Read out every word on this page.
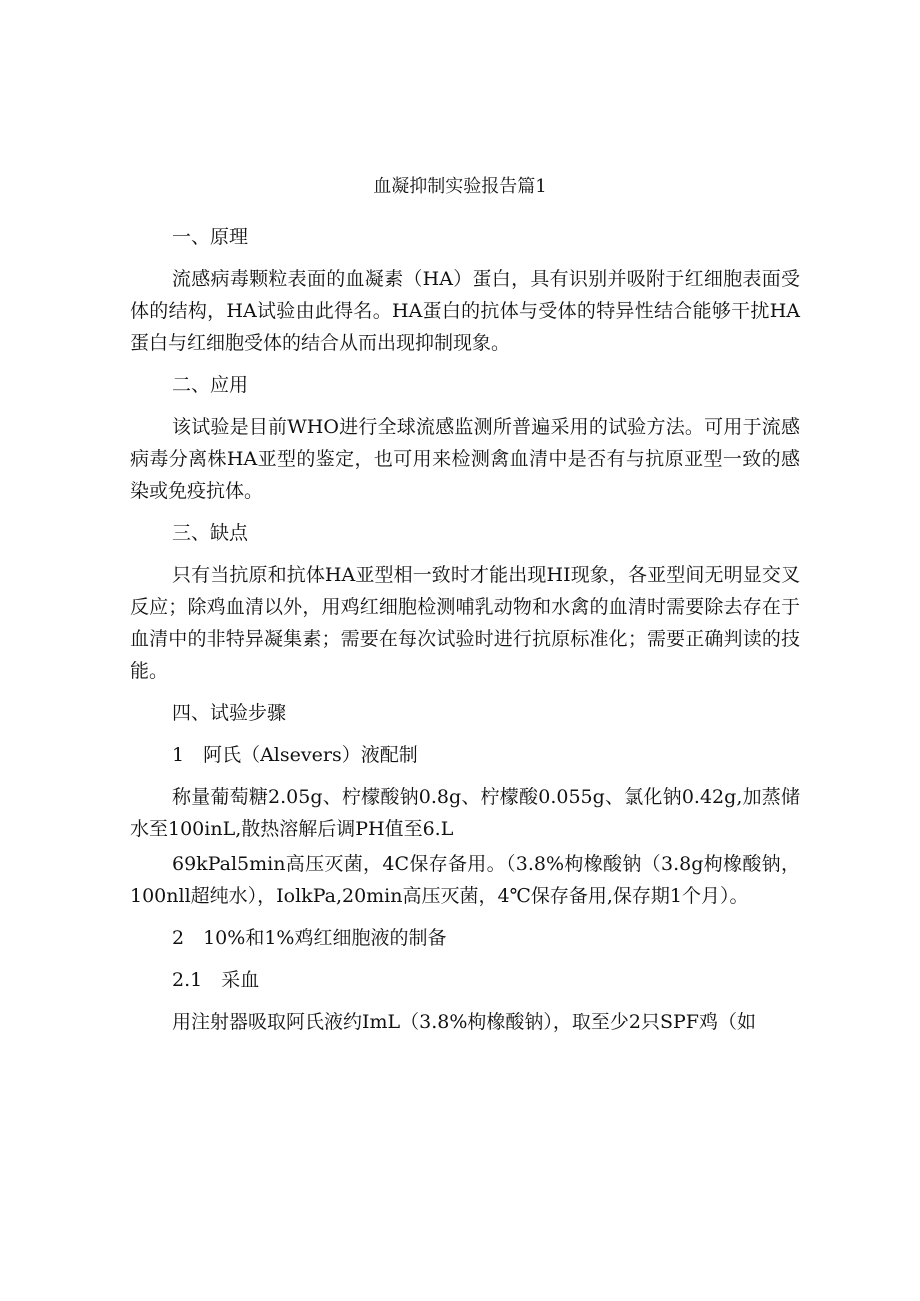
血凝抑制实验报告篇1

一、原理

流感病毒颗粒表面的血凝素（HA）蛋白，具有识别并吸附于红细胞表面受体的结构，HA试验由此得名。HA蛋白的抗体与受体的特异性结合能够干扰HA蛋白与红细胞受体的结合从而出现抑制现象。

二、应用

该试验是目前WHO进行全球流感监测所普遍采用的试验方法。可用于流感病毒分离株HA亚型的鉴定，也可用来检测禽血清中是否有与抗原亚型一致的感染或免疫抗体。

三、缺点

只有当抗原和抗体HA亚型相一致时才能出现HI现象，各亚型间无明显交叉反应；除鸡血清以外，用鸡红细胞检测哺乳动物和水禽的血清时需要除去存在于血清中的非特异凝集素；需要在每次试验时进行抗原标准化；需要正确判读的技能。

四、试验步骤

1　阿氏（Alsevers）液配制

称量葡萄糖2.05g、柠檬酸钠0.8g、柠檬酸0.055g、氯化钠0.42g,加蒸储水至100inL,散热溶解后调PH值至6.L

69kPal5min高压灭菌，4C保存备用。（3.8%枸橡酸钠（3.8g枸橡酸钠，100nll超纯水），IolkPa,20min高压灭菌，4℃保存备用,保存期1个月）。

2　10%和1%鸡红细胞液的制备

2.1　采血

用注射器吸取阿氏液约ImL（3.8%枸橡酸钠），取至少2只SPF鸡（如
